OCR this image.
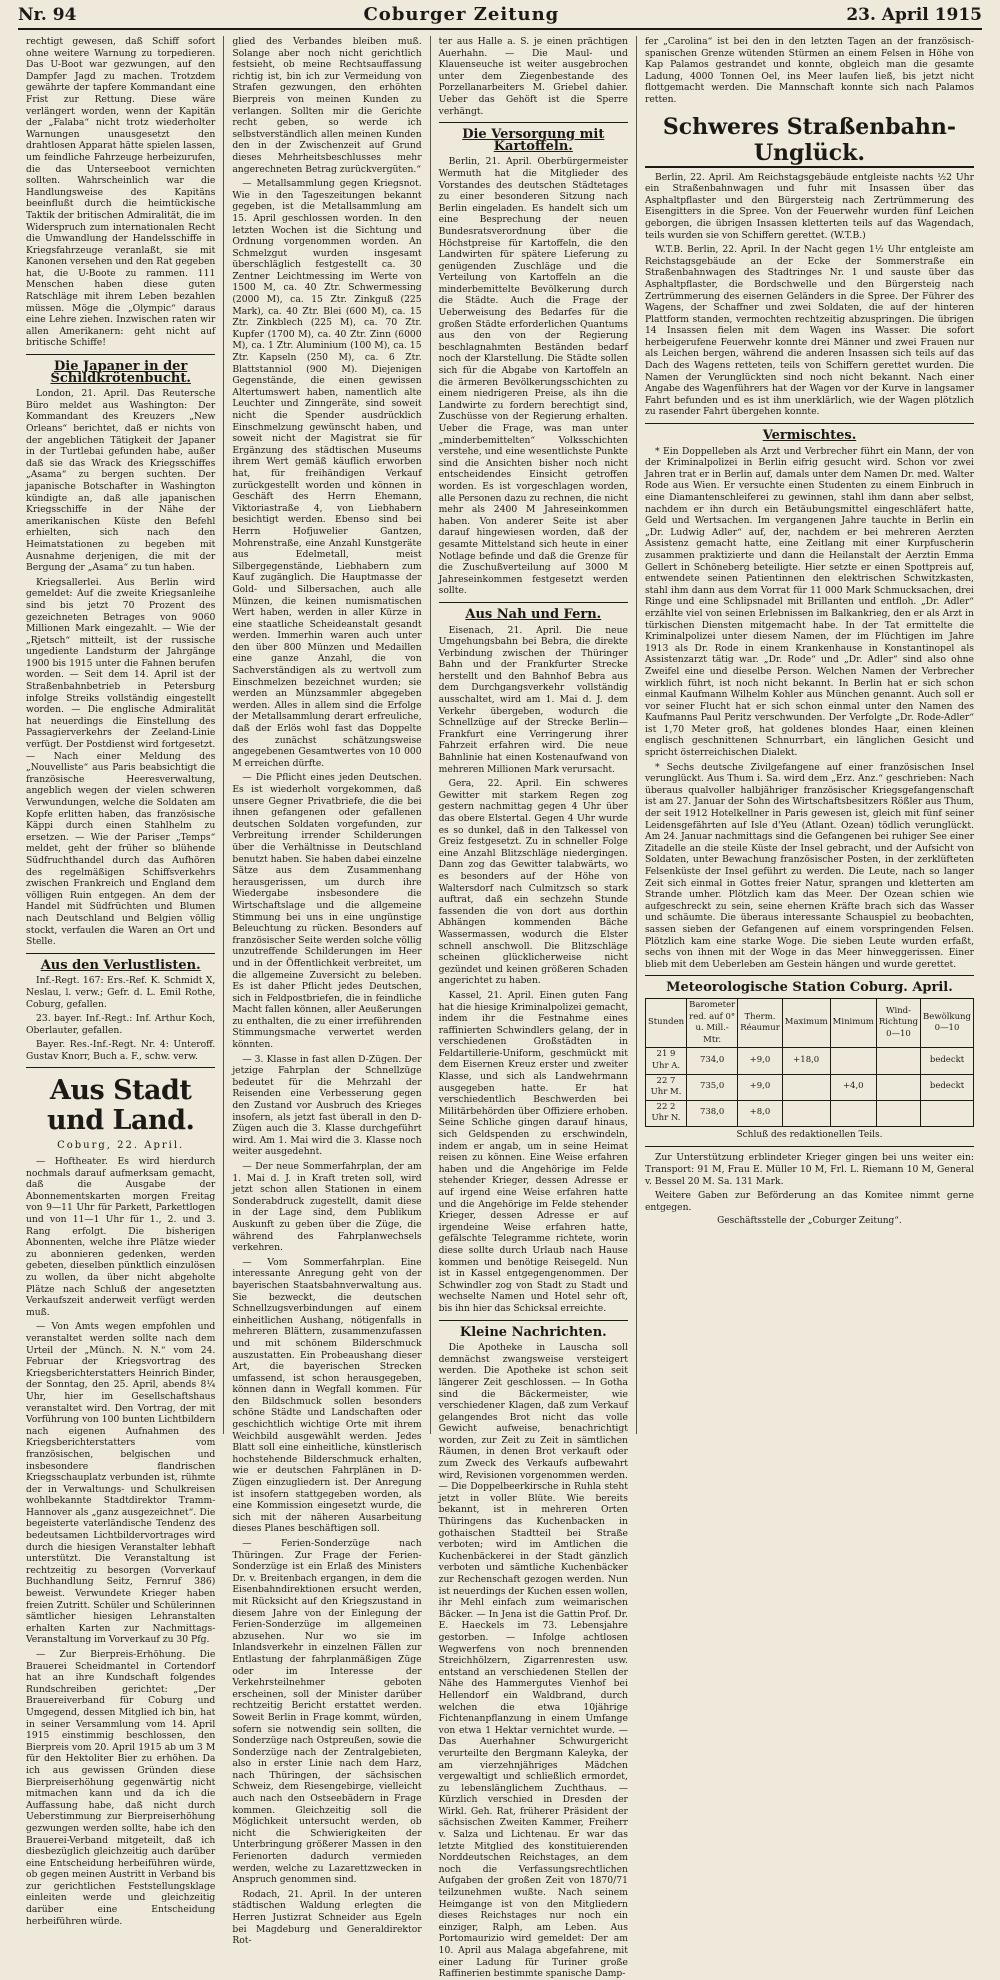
Nr. 94	Coburger Zeitung	23. April 1915

rechtigt gewesen, daß Schiff sofort ohne weitere Warnung zu torpedieren. Das U-Boot war gezwungen, auf den Dampfer Jagd zu machen. Trotzdem gewährte der tapfere Kommandant eine Frist zur Rettung. Diese wäre verlängert worden, wenn der Kapitän der „Falaba“ nicht trotz wiederholter Warnungen unausgesetzt den drahtlosen Apparat hätte spielen lassen, um feindliche Fahrzeuge herbeizurufen, die das Unterseeboot vernichten sollten. Wahrscheinlich war die Handlungsweise des Kapitäns beeinflußt durch die heimtückische Taktik der britischen Admiralität, die im Widerspruch zum internationalen Recht die Umwandlung der Handelsschiffe in Kriegsfahrzeuge veranlaßt, sie mit Kanonen versehen und den Rat gegeben hat, die U-Boote zu rammen. 111 Menschen haben diese guten Ratschläge mit ihrem Leben bezahlen müssen. Möge die „Olympic“ daraus eine Lehre ziehen. Inzwischen raten wir allen Amerikanern: geht nicht auf britische Schiffe!

Die Japaner in der Schildkrötenbucht.

London, 21. April. Das Reutersche Büro meldet aus Washington: Der Kommandant des Kreuzers „New Orleans“ berichtet, daß er nichts von der angeblichen Tätigkeit der Japaner in der Turtlebai gefunden habe, außer daß sie das Wrack des Kriegsschiffes „Asama“ zu bergen suchten. Der japanische Botschafter in Washington kündigte an, daß alle japanischen Kriegsschiffe in der Nähe der amerikanischen Küste den Befehl erhielten, sich nach den Heimatstationen zu begeben mit Ausnahme derjenigen, die mit der Bergung der „Asama“ zu tun haben.

Kriegsallerlei. Aus Berlin wird gemeldet: Auf die zweite Kriegsanleihe sind bis jetzt 70 Prozent des gezeichneten Betrages von 9060 Millionen Mark eingezahlt. — Wie der „Rjetsch“ mitteilt, ist der russische ungediente Landsturm der Jahrgänge 1900 bis 1915 unter die Fahnen berufen worden. — Seit dem 14. April ist der Straßenbahnbetrieb in Petersburg infolge Streiks vollständig eingestellt worden. — Die englische Admiralität hat neuerdings die Einstellung des Passagierverkehrs der Zeeland-Linie verfügt. Der Postdienst wird fortgesetzt. — Nach einer Meldung des „Nouvelliste“ aus Paris beabsichtigt die französische Heeresverwaltung, angeblich wegen der vielen schweren Verwundungen, welche die Soldaten am Kopfe erlitten haben, das französische Käppi durch einen Stahlhelm zu ersetzen. — Wie der Pariser „Temps“ meldet, geht der früher so blühende Südfruchthandel durch das Aufhören des regelmäßigen Schiffsverkehrs zwischen Frankreich und England dem völligen Ruin entgegen. An dem der Handel mit Südfrüchten und Blumen nach Deutschland und Belgien völlig stockt, verfaulen die Waren an Ort und Stelle.

Aus den Verlustlisten.

Inf.-Regt. 167: Ers.-Ref. K. Schmidt X, Neslau, l. verw.; Gefr. d. L. Emil Rothe, Coburg, gefallen.

23. bayer. Inf.-Regt.: Inf. Arthur Koch, Oberlauter, gefallen.

Bayer. Res.-Inf.-Regt. Nr. 4: Unteroff. Gustav Knorr, Buch a. F., schw. verw.

Aus Stadt und Land.
Coburg, 22. April.

— Hoftheater. Es wird hierdurch nochmals darauf aufmerksam gemacht, daß die Ausgabe der Abonnementskarten morgen Freitag von 9—11 Uhr für Parkett, Parkettlogen und von 11—1 Uhr für 1., 2. und 3. Rang erfolgt. Die bisherigen Abonnenten, welche ihre Plätze wieder zu abonnieren gedenken, werden gebeten, dieselben pünktlich einzulösen zu wollen, da über nicht abgeholte Plätze nach Schluß der angesetzten Verkaufszeit anderweit verfügt werden muß.

— Von Amts wegen empfohlen und veranstaltet werden sollte nach dem Urteil der „Münch. N. N.“ vom 24. Februar der Kriegsvortrag des Kriegsberichterstatters Heinrich Binder, der Sonntag, den 25. April, abends 8¼ Uhr, hier im Gesellschaftshaus veranstaltet wird. Den Vortrag, der mit Vorführung von 100 bunten Lichtbildern nach eigenen Aufnahmen des Kriegsberichterstatters vom französischen, belgischen und insbesondere flandrischen Kriegsschauplatz verbunden ist, rühmte der in Verwaltungs- und Schulkreisen wohlbekannte Stadtdirektor Tramm-Hannover als „ganz ausgezeichnet“. Die begeisterte vaterländische Tendenz des bedeutsamen Lichtbildervortrages wird durch die hiesigen Veranstalter lebhaft unterstützt. Die Veranstaltung ist rechtzeitig zu besorgen (Vorverkauf Buchhandlung Seitz, Fernruf 386) beweist. Verwundete Krieger haben freien Zutritt. Schüler und Schülerinnen sämtlicher hiesigen Lehranstalten erhalten Karten zur Nachmittags-Veranstaltung im Vorverkauf zu 30 Pfg.

— Zur Bierpreis-Erhöhung. Die Brauerei Scheidmantel in Cortendorf hat an ihre Kundschaft folgendes Rundschreiben gerichtet: „Der Brauereiverband für Coburg und Umgegend, dessen Mitglied ich bin, hat in seiner Versammlung vom 14. April 1915 einstimmig beschlossen, den Bierpreis vom 20. April 1915 ab um 3 M für den Hektoliter Bier zu erhöhen. Da ich aus gewissen Gründen diese Bierpreiserhöhung gegenwärtig nicht mitmachen kann und da ich die Auffassung habe, daß nicht durch Ueberstimmung zur Bierpreiserhöhung gezwungen werden sollte, habe ich den Brauerei-Verband mitgeteilt, daß ich diesbezüglich gleichzeitig auch darüber eine Entscheidung herbeiführen würde, ob gegen meinen Austritt in Verband bis zur gerichtlichen Feststellungsklage einleiten werde und gleichzeitig darüber eine Entscheidung herbeiführen würde.

glied des Verbandes bleiben muß. Solange aber noch nicht gerichtlich festsieht, ob meine Rechtsauffassung richtig ist, bin ich zur Vermeidung von Strafen gezwungen, den erhöhten Bierpreis von meinen Kunden zu verlangen. Sollten mir die Gerichte recht geben, so werde ich selbstverständlich allen meinen Kunden den in der Zwischenzeit auf Grund dieses Mehrheitsbeschlusses mehr angerechneten Betrag zurückvergüten.“

— Metallsammlung gegen Kriegsnot. Wie in den Tageszeitungen bekannt gegeben, ist die Metallsammlung am 15. April geschlossen worden. In den letzten Wochen ist die Sichtung und Ordnung vorgenommen worden. An Schmelzgut wurden insgesamt überschläglich festgestellt ca. 30 Zentner Leichtmessing im Werte von 1500 M, ca. 40 Ztr. Schwermessing (2000 M), ca. 15 Ztr. Zinkguß (225 Mark), ca. 40 Ztr. Blei (600 M), ca. 15 Ztr. Zinkblech (225 M), ca. 70 Ztr. Kupfer (1700 M), ca. 40 Ztr. Zinn (6000 M), ca. 1 Ztr. Aluminium (100 M), ca. 15 Ztr. Kapseln (250 M), ca. 6 Ztr. Blattstanniol (900 M). Diejenigen Gegenstände, die einen gewissen Altertumswert haben, namentlich alte Leuchter und Zinngeräte, sind soweit nicht die Spender ausdrücklich Einschmelzung gewünscht haben, und soweit nicht der Magistrat sie für Ergänzung des städtischen Museums ihrem Wert gemäß käuflich erworben hat, für freihändigen Verkauf zurückgestellt worden und können in Geschäft des Herrn Ehemann, Viktoriastraße 4, von Liebhabern besichtigt werden. Ebenso sind bei Herrn Hofjuwelier Gantzen, Mohrenstraße, eine Anzahl Kunstgeräte aus Edelmetall, meist Silbergegenstände, Liebhabern zum Kauf zugänglich. Die Hauptmasse der Gold- und Silbersachen, auch alle Münzen, die keinen numismatischen Wert haben, werden in aller Kürze in eine staatliche Scheideanstalt gesandt werden. Immerhin waren auch unter den über 800 Münzen und Medaillen eine ganze Anzahl, die von Sachverständigen als zu wertvoll zum Einschmelzen bezeichnet wurden; sie werden an Münzsammler abgegeben werden. Alles in allem sind die Erfolge der Metallsammlung derart erfreuliche, daß der Erlös wohl fast das Doppelte des zunächst schätzungsweise angegebenen Gesamtwertes von 10 000 M erreichen dürfte.

— Die Pflicht eines jeden Deutschen. Es ist wiederholt vorgekommen, daß unsere Gegner Privatbriefe, die die bei ihnen gefangenen oder gefallenen deutschen Soldaten vorgefunden, zur Verbreitung irrender Schilderungen über die Verhältnisse in Deutschland benutzt haben. Sie haben dabei einzelne Sätze aus dem Zusammenhang herausgerissen, um durch ihre Wiedergabe insbesondere die Wirtschaftslage und die allgemeine Stimmung bei uns in eine ungünstige Beleuchtung zu rücken. Besonders auf französischer Seite werden solche völlig unzutreffende Schilderungen im Heer und in der Öffentlichkeit verbreitet, um die allgemeine Zuversicht zu beleben. Es ist daher Pflicht jedes Deutschen, sich in Feldpostbriefen, die in feindliche Macht fallen können, aller Aeußerungen zu enthalten, die zu einer irreführenden Stimmungsmache verwertet werden könnten.

— 3. Klasse in fast allen D-Zügen. Der jetzige Fahrplan der Schnellzüge bedeutet für die Mehrzahl der Reisenden eine Verbesserung gegen den Zustand vor Ausbruch des Krieges insofern, als jetzt fast überall in den D-Zügen auch die 3. Klasse durchgeführt wird. Am 1. Mai wird die 3. Klasse noch weiter ausgedehnt.

— Der neue Sommerfahrplan, der am 1. Mai d. J. in Kraft treten soll, wird jetzt schon allen Stationen in einem Sonderabdruck zugestellt, damit diese in der Lage sind, dem Publikum Auskunft zu geben über die Züge, die während des Fahrplanwechsels verkehren.

— Vom Sommerfahrplan. Eine interessante Anregung geht von der bayerischen Staatsbahnverwaltung aus. Sie bezweckt, die deutschen Schnellzugsverbindungen auf einem einheitlichen Aushang, nötigenfalls in mehreren Blättern, zusammenzufassen und mit schönem Bilderschmuck auszustatten. Ein Probeaushang dieser Art, die bayerischen Strecken umfassend, ist schon herausgegeben, können dann in Wegfall kommen. Für den Bildschmuck sollen besonders schöne Städte und Landschaften oder geschichtlich wichtige Orte mit ihrem Weichbild ausgewählt werden. Jedes Blatt soll eine einheitliche, künstlerisch hochstehende Bilderschmuck erhalten, wie er deutschen Fahrplänen in D-Zügen einzugliedern ist. Der Anregung ist insofern stattgegeben worden, als eine Kommission eingesetzt wurde, die sich mit der näheren Ausarbeitung dieses Planes beschäftigen soll.

— Ferien-Sonderzüge nach Thüringen. Zur Frage der Ferien-Sonderzüge ist ein Erlaß des Ministers Dr. v. Breitenbach ergangen, in dem die Eisenbahndirektionen ersucht werden, mit Rücksicht auf den Kriegszustand in diesem Jahre von der Einlegung der Ferien-Sonderzüge im allgemeinen abzusehen. Nur wo sie im Inlandsverkehr in einzelnen Fällen zur Entlastung der fahrplanmäßigen Züge oder im Interesse der Verkehrsteilnehmer geboten erscheinen, soll der Minister darüber rechtzeitig Bericht erstattet werden. Soweit Berlin in Frage kommt, würden, sofern sie notwendig sein sollten, die Sonderzüge nach Ostpreußen, sowie die Sonderzüge nach der Zentralgebieten, also in erster Linie nach dem Harz, nach Thüringen, der sächsischen Schweiz, dem Riesengebirge, vielleicht auch nach den Ostseebädern in Frage kommen. Gleichzeitig soll die Möglichkeit untersucht werden, ob nicht die Schwierigkeiten der Unterbringung größerer Massen in den Ferienorten dadurch vermieden werden, welche zu Lazarettzwecken in Anspruch genommen sind.

Rodach, 21. April. In der unteren städtischen Waldung erlegten die Herren Justizrat Schneider aus Egeln bei Magdeburg und Generaldirektor Rot-

ter aus Halle a. S. je einen prächtigen Auerhahn. — Die Maul- und Klauenseuche ist weiter ausgebrochen unter dem Ziegenbestande des Porzellanarbeiters M. Griebel dahier. Ueber das Gehöft ist die Sperre verhängt.

Die Versorgung mit Kartoffeln.

Berlin, 21. April. Oberbürgermeister Wermuth hat die Mitglieder des Vorstandes des deutschen Städtetages zu einer besonderen Sitzung nach Berlin eingeladen. Es handelt sich um eine Besprechung der neuen Bundesratsverordnung über die Höchstpreise für Kartoffeln, die den Landwirten für spätere Lieferung zu genügenden Zuschläge und die Verteilung von Kartoffeln an die minderbemittelte Bevölkerung durch die Städte. Auch die Frage der Ueberweisung des Bedarfes für die großen Städte erforderlichen Quantums aus den von der Regierung beschlagnahmten Beständen bedarf noch der Klarstellung. Die Städte sollen sich für die Abgabe von Kartoffeln an die ärmeren Bevölkerungsschichten zu einem niedrigeren Preise, als ihn die Landwirte zu fordern berechtigt sind, Zuschüsse von der Regierung erhalten. Ueber die Frage, was man unter „minderbemittelten“ Volksschichten verstehe, und eine wesentlichste Punkte sind die Ansichten bisher noch nicht entscheidendes Einsicht getroffen worden. Es ist vorgeschlagen worden, alle Personen dazu zu rechnen, die nicht mehr als 2400 M Jahreseinkommen haben. Von anderer Seite ist aber darauf hingewiesen worden, daß der gesamte Mittelstand sich heute in einer Notlage befinde und daß die Grenze für die Zuschußverteilung auf 3000 M Jahreseinkommen festgesetzt werden sollte.

Aus Nah und Fern.

Eisenach, 21. April. Die neue Umgehungsbahn bei Bebra, die direkte Verbindung zwischen der Thüringer Bahn und der Frankfurter Strecke herstellt und den Bahnhof Bebra aus dem Durchgangsverkehr vollständig ausschaltet, wird am 1. Mai d. J. dem Verkehr übergeben, wodurch die Schnellzüge auf der Strecke Berlin—Frankfurt eine Verringerung ihrer Fahrzeit erfahren wird. Die neue Bahnlinie hat einen Kostenaufwand von mehreren Millionen Mark verursacht.

Gera, 22. April. Ein schweres Gewitter mit starkem Regen zog gestern nachmittag gegen 4 Uhr über das obere Elstertal. Gegen 4 Uhr wurde es so dunkel, daß in den Talkessel von Greiz festgesetzt. Zu in schneller Folge eine Anzahl Blitzschläge niedergingen. Dann zog das Gewitter talabwärts, wo es besonders auf der Höhe von Waltersdorf nach Culmitzsch so stark auftrat, daß ein sechzehn Stunde fassenden die von dort aus dorthin Abhängen kommenden Bäche Wassermassen, wodurch die Elster schnell anschwoll. Die Blitzschläge scheinen glücklicherweise nicht gezündet und keinen größeren Schaden angerichtet zu haben.

Kassel, 21. April. Einen guten Fang hat die hiesige Kriminalpolizei gemacht, indem ihr die Festnahme eines raffinierten Schwindlers gelang, der in verschiedenen Großstädten in Feldartillerie-Uniform, geschmückt mit dem Eisernen Kreuz erster und zweiter Klasse, und sich als Landwehrmann ausgegeben hatte. Er hat verschiedentlich Beschwerden bei Militärbehörden über Offiziere erhoben. Seine Schliche gingen darauf hinaus, sich Geldspenden zu erschwindeln, indem er angab, um in seine Heimat reisen zu können. Eine Weise erfahren haben und die Angehörige im Felde stehender Krieger, dessen Adresse er auf irgend eine Weise erfahren hatte und die Angehörige im Felde stehender Krieger, dessen Adresse er auf irgendeine Weise erfahren hatte, gefälschte Telegramme richtete, worin diese sollte durch Urlaub nach Hause kommen und benötige Reisegeld. Nun ist in Kassel entgegengenommen. Der Schwindler zog von Stadt zu Stadt und wechselte Namen und Hotel sehr oft, bis ihn hier das Schicksal erreichte.

Kleine Nachrichten.

Die Apotheke in Lauscha soll demnächst zwangsweise versteigert werden. Die Apotheke ist schon seit längerer Zeit geschlossen. — In Gotha sind die Bäckermeister, wie verschiedener Klagen, daß zum Verkauf gelangendes Brot nicht das volle Gewicht aufweise, benachrichtigt worden, zur Zeit zu Zeit in sämtlichen Räumen, in denen Brot verkauft oder zum Zweck des Verkaufs aufbewahrt wird, Revisionen vorgenommen werden. — Die Doppelbeerkirsche in Ruhla steht jetzt in voller Blüte. Wie bereits bekannt, ist in mehreren Orten Thüringens das Kuchenbacken in gothaischen Stadtteil bei Straße verboten; wird im Amtlichen die Kuchenbäckerei in der Stadt gänzlich verboten und sämtliche Kuchenbäcker zur Rechenschaft gezogen werden. Nun ist neuerdings der Kuchen essen wollen, ihr Mehl einfach zum weimarischen Bäcker. — In Jena ist die Gattin Prof. Dr. E. Haeckels im 73. Lebensjahre gestorben. — Infolge achtlosen Wegwerfens von noch brennenden Streichhölzern, Zigarrenresten usw. entstand an verschiedenen Stellen der Nähe des Hammergutes Vienhof bei Hellendorf ein Waldbrand, durch welchen die etwa 10jährige Fichtenanpflanzung in einem Umfange von etwa 1 Hektar vernichtet wurde. — Das Auerhahner Schwurgericht verurteilte den Bergmann Kaleyka, der am vierzehnjähriges Mädchen vergewaltigt und schließlich ermordet, zu lebenslänglichem Zuchthaus. — Kürzlich verschied in Dresden der Wirkl. Geh. Rat, früherer Präsident der sächsischen Zweiten Kammer, Freiherr v. Salza und Lichtenau. Er war das letzte Mitglied des konstituierenden Norddeutschen Reichstages, an dem noch die Verfassungsrechtlichen Aufgaben der großen Zeit von 1870/71 teilzunehmen wußte. Nach seinem Heimgange ist von den Mitgliedern dieses Reichstages nur noch ein einziger, Ralph, am Leben. Aus Portomaurizio wird gemeldet: Der am 10. April aus Malaga abgefahrene, mit einer Ladung für Turiner große Raffinerien bestimmte spanische Damp-

fer „Carolina“ ist bei den in den letzten Tagen an der französisch-spanischen Grenze wütenden Stürmen an einem Felsen in Höhe von Kap Palamos gestrandet und konnte, obgleich man die gesamte Ladung, 4000 Tonnen Oel, ins Meer laufen ließ, bis jetzt nicht flottgemacht werden. Die Mannschaft konnte sich nach Palamos retten.

Schweres Straßenbahn-Unglück.

Berlin, 22. April. Am Reichstagsgebäude entgleiste nachts ½2 Uhr ein Straßenbahnwagen und fuhr mit Insassen über das Asphaltpflaster und den Bürgersteig nach Zertrümmerung des Eisengitters in die Spree. Von der Feuerwehr wurden fünf Leichen geborgen, die übrigen Insassen kletterten teils auf das Wagendach, teils wurden sie von Schiffern gerettet. (W.T.B.)

W.T.B. Berlin, 22. April. In der Nacht gegen 1½ Uhr entgleiste am Reichstagsgebäude an der Ecke der Sommerstraße ein Straßenbahnwagen des Stadtringes Nr. 1 und sauste über das Asphaltpflaster, die Bordschwelle und den Bürgersteig nach Zertrümmerung des eisernen Geländers in die Spree. Der Führer des Wagens, der Schaffner und zwei Soldaten, die auf der hinteren Plattform standen, vermochten rechtzeitig abzuspringen. Die übrigen 14 Insassen fielen mit dem Wagen ins Wasser. Die sofort herbeigerufene Feuerwehr konnte drei Männer und zwei Frauen nur als Leichen bergen, während die anderen Insassen sich teils auf das Dach des Wagens retteten, teils von Schiffern gerettet wurden. Die Namen der Verunglückten sind noch nicht bekannt. Nach einer Angabe des Wagenführers hat der Wagen vor der Kurve in langsamer Fahrt befunden und es ist ihm unerklärlich, wie der Wagen plötzlich zu rasender Fahrt übergehen konnte.

Vermischtes.

* Ein Doppelleben als Arzt und Verbrecher führt ein Mann, der von der Kriminalpolizei in Berlin eifrig gesucht wird. Schon vor zwei Jahren trat er in Berlin auf, damals unter dem Namen Dr. med. Walter Rode aus Wien. Er versuchte einen Studenten zu einem Einbruch in eine Diamantenschleiferei zu gewinnen, stahl ihm dann aber selbst, nachdem er ihn durch ein Betäubungsmittel eingeschläfert hatte, Geld und Wertsachen. Im vergangenen Jahre tauchte in Berlin ein „Dr. Ludwig Adler“ auf, der, nachdem er bei mehreren Aerzten Assistenz gemacht hatte, eine Zeitlang mit einer Kurpfuscherin zusammen praktizierte und dann die Heilanstalt der Aerztin Emma Gellert in Schöneberg beteiligte. Hier setzte er einen Spottpreis auf, entwendete seinen Patientinnen den elektrischen Schwitzkasten, stahl ihm dann aus dem Vorrat für 11 000 Mark Schmucksachen, drei Ringe und eine Schlipsnadel mit Brillanten und entfloh. „Dr. Adler“ erzählte viel von seinen Erlebnissen im Balkankrieg, den er als Arzt in türkischen Diensten mitgemacht habe. In der Tat ermittelte die Kriminalpolizei unter diesem Namen, der im Flüchtigen im Jahre 1913 als Dr. Rode in einem Krankenhause in Konstantinopel als Assistenzarzt tätig war. „Dr. Rode“ und „Dr. Adler“ sind also ohne Zweifel eine und dieselbe Person. Welchen Namen der Verbrecher wirklich führt, ist noch nicht bekannt. In Berlin hat er sich schon einmal Kaufmann Wilhelm Kohler aus München genannt. Auch soll er vor seiner Flucht hat er sich schon einmal unter den Namen des Kaufmanns Paul Peritz verschwunden. Der Verfolgte „Dr. Rode-Adler“ ist 1,70 Meter groß, hat goldenes blondes Haar, einen kleinen englisch geschnittenen Schnurrbart, ein länglichen Gesicht und spricht österreichischen Dialekt.

* Sechs deutsche Zivilgefangene auf einer französischen Insel verunglückt. Aus Thum i. Sa. wird dem „Erz. Anz.“ geschrieben: Nach überaus qualvoller halbjähriger französischer Kriegsgefangenschaft ist am 27. Januar der Sohn des Wirtschaftsbesitzers Rößler aus Thum, der seit 1912 Hotelkellner in Paris gewesen ist, gleich mit fünf seiner Leidensgefährten auf Isle d'Yeu (Atlant. Ozean) tödlich verunglückt. Am 24. Januar nachmittags sind die Gefangenen bei ruhiger See einer Zitadelle an die steile Küste der Insel gebracht, und der Aufsicht von Soldaten, unter Bewachung französischer Posten, in der zerklüfteten Felsenküste der Insel geführt zu werden. Die Leute, nach so langer Zeit sich einmal in Gottes freier Natur, sprangen und kletterten am Strande umher. Plötzlich kam das Meer. Der Ozean schien wie aufgeschreckt zu sein, seine ehernen Kräfte brach sich das Wasser und schäumte. Die überaus interessante Schauspiel zu beobachten, sassen sieben der Gefangenen auf einem vorspringenden Felsen. Plötzlich kam eine starke Woge. Die sieben Leute wurden erfaßt, sechs von ihnen mit der Woge in das Meer hinweggerissen. Einer blieb mit dem Ueberleben am Gestein hängen und wurde gerettet.

Meteorologische Station Coburg. April.
Stunden	Barometer red. auf 0° u. Mill.-Mtr.	Therm. Réaumur	Maximum	Minimum	Wind-Richtung 0—10	Bewölkung 0—10
21 9 Uhr A.	734,0	+9,0	+18,0			bedeckt
22 7 Uhr M.	735,0	+9,0		+4,0		bedeckt
22 2 Uhr N.	738,0	+8,0				
Schluß des redaktionellen Teils.

Zur Unterstützung erblindeter Krieger gingen bei uns weiter ein: Transport: 91 M, Frau E. Müller 10 M, Frl. L. Riemann 10 M, General v. Bessel 20 M. Sa. 131 Mark.

Weitere Gaben zur Beförderung an das Komitee nimmt gerne entgegen.

Geschäftsstelle der „Coburger Zeitung“.
